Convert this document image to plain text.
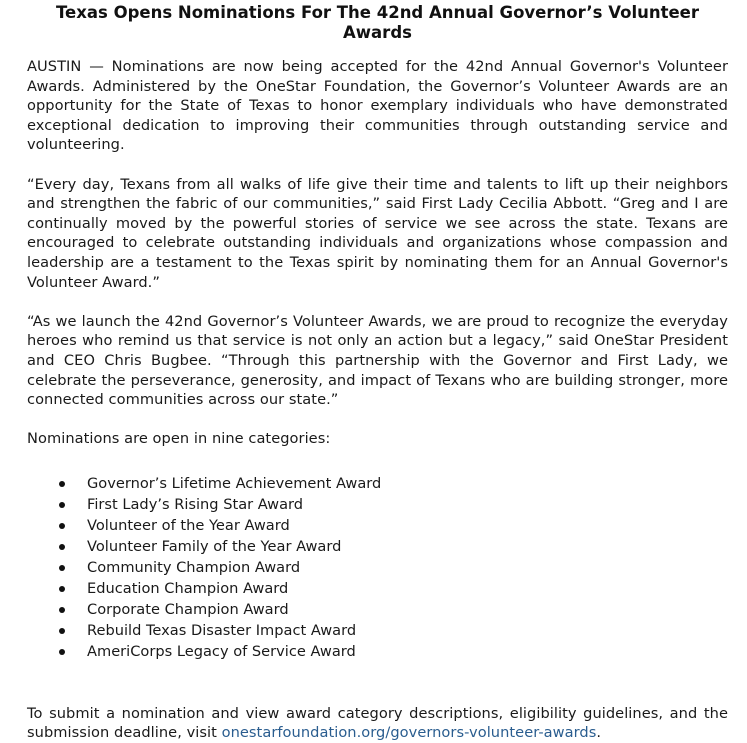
Texas Opens Nominations For The 42nd Annual Governor’s Volunteer Awards

AUSTIN — Nominations are now being accepted for the 42nd Annual Governor's Volunteer Awards. Administered by the OneStar Foundation, the Governor’s Volunteer Awards are an opportunity for the State of Texas to honor exemplary individuals who have demonstrated exceptional dedication to improving their communities through outstanding service and volunteering.

“Every day, Texans from all walks of life give their time and talents to lift up their neighbors and strengthen the fabric of our communities,” said First Lady Cecilia Abbott. “Greg and I are continually moved by the powerful stories of service we see across the state. Texans are encouraged to celebrate outstanding individuals and organizations whose compassion and leadership are a testament to the Texas spirit by nominating them for an Annual Governor's Volunteer Award.”

“As we launch the 42nd Governor’s Volunteer Awards, we are proud to recognize the everyday heroes who remind us that service is not only an action but a legacy,” said OneStar President and CEO Chris Bugbee. “Through this partnership with the Governor and First Lady, we celebrate the perseverance, generosity, and impact of Texans who are building stronger, more connected communities across our state.”

Nominations are open in nine categories:

Governor’s Lifetime Achievement Award
First Lady’s Rising Star Award
Volunteer of the Year Award
Volunteer Family of the Year Award
Community Champion Award
Education Champion Award
Corporate Champion Award
Rebuild Texas Disaster Impact Award
AmeriCorps Legacy of Service Award

To submit a nomination and view award category descriptions, eligibility guidelines, and the submission deadline, visit onestarfoundation.org/governors-volunteer-awards.
